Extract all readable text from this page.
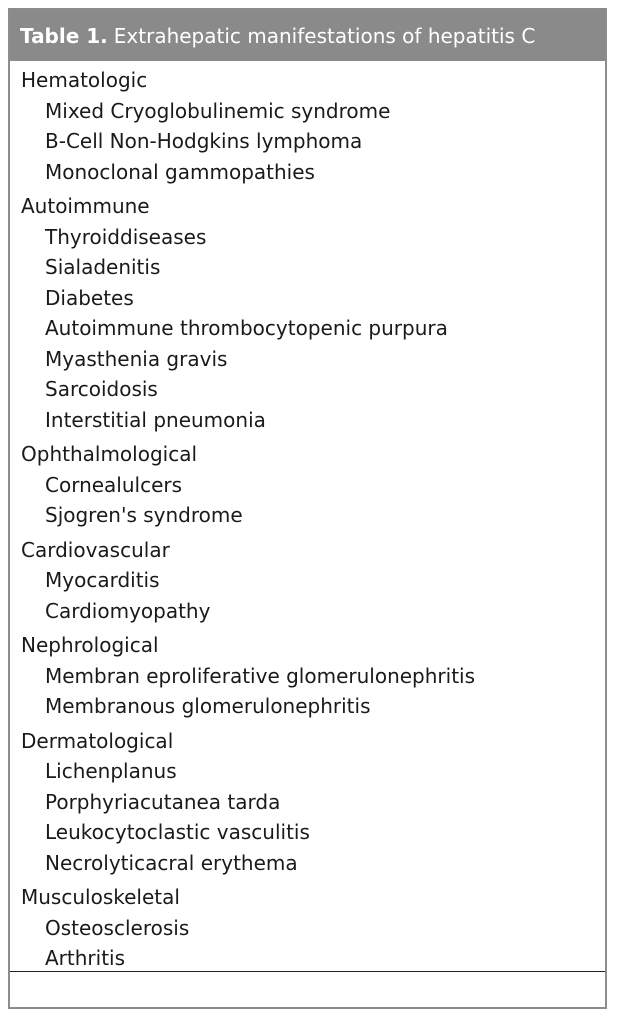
Table 1. Extrahepatic manifestations of hepatitis C
Hematologic
Mixed Cryoglobulinemic syndrome
B-Cell Non-Hodgkins lymphoma
Monoclonal gammopathies
Autoimmune
Thyroiddiseases
Sialadenitis
Diabetes
Autoimmune thrombocytopenic purpura
Myasthenia gravis
Sarcoidosis
Interstitial pneumonia
Ophthalmological
Cornealulcers
Sjogren's syndrome
Cardiovascular
Myocarditis
Cardiomyopathy
Nephrological
Membran eproliferative glomerulonephritis
Membranous glomerulonephritis
Dermatological
Lichenplanus
Porphyriacutanea tarda
Leukocytoclastic vasculitis
Necrolyticacral erythema
Musculoskeletal
Osteosclerosis
Arthritis
